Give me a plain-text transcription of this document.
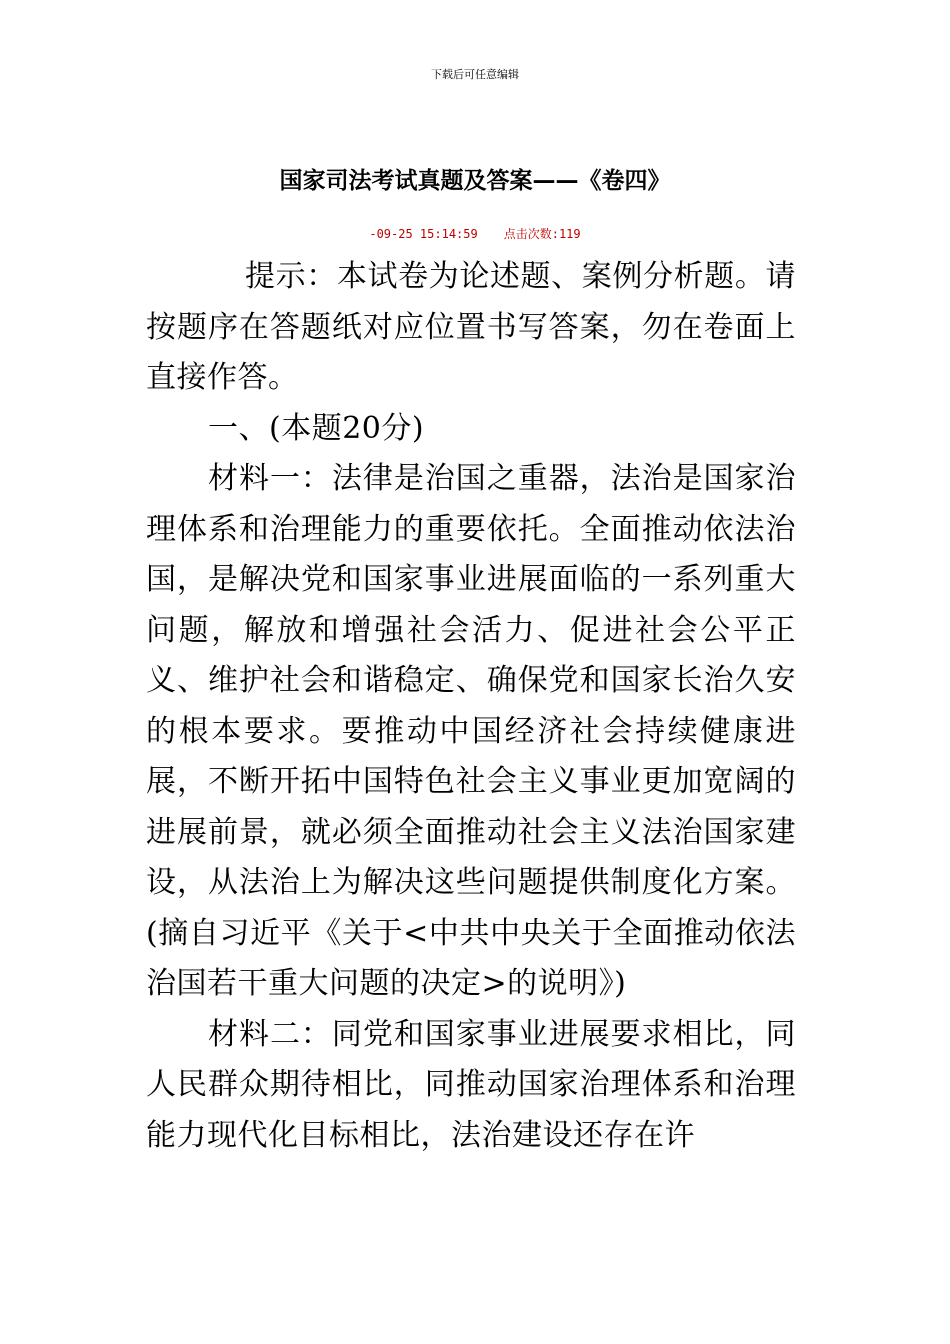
下载后可任意编辑
国家司法考试真题及答案——《卷四》
-09-25 15:14:59 点击次数:119

提示：本试卷为论述题、案例分析题。请按题序在答题纸对应位置书写答案，勿在卷面上直接作答。

一、(本题20分)

材料一：法律是治国之重器，法治是国家治理体系和治理能力的重要依托。全面推动依法治国，是解决党和国家事业进展面临的一系列重大问题，解放和增强社会活力、促进社会公平正义、维护社会和谐稳定、确保党和国家长治久安的根本要求。要推动中国经济社会持续健康进展，不断开拓中国特色社会主义事业更加宽阔的进展前景，就必须全面推动社会主义法治国家建设，从法治上为解决这些问题提供制度化方案。(摘自习近平《关于<中共中央关于全面推动依法治国若干重大问题的决定>的说明》)

材料二：同党和国家事业进展要求相比，同人民群众期待相比，同推动国家治理体系和治理能力现代化目标相比，法治建设还存在许
